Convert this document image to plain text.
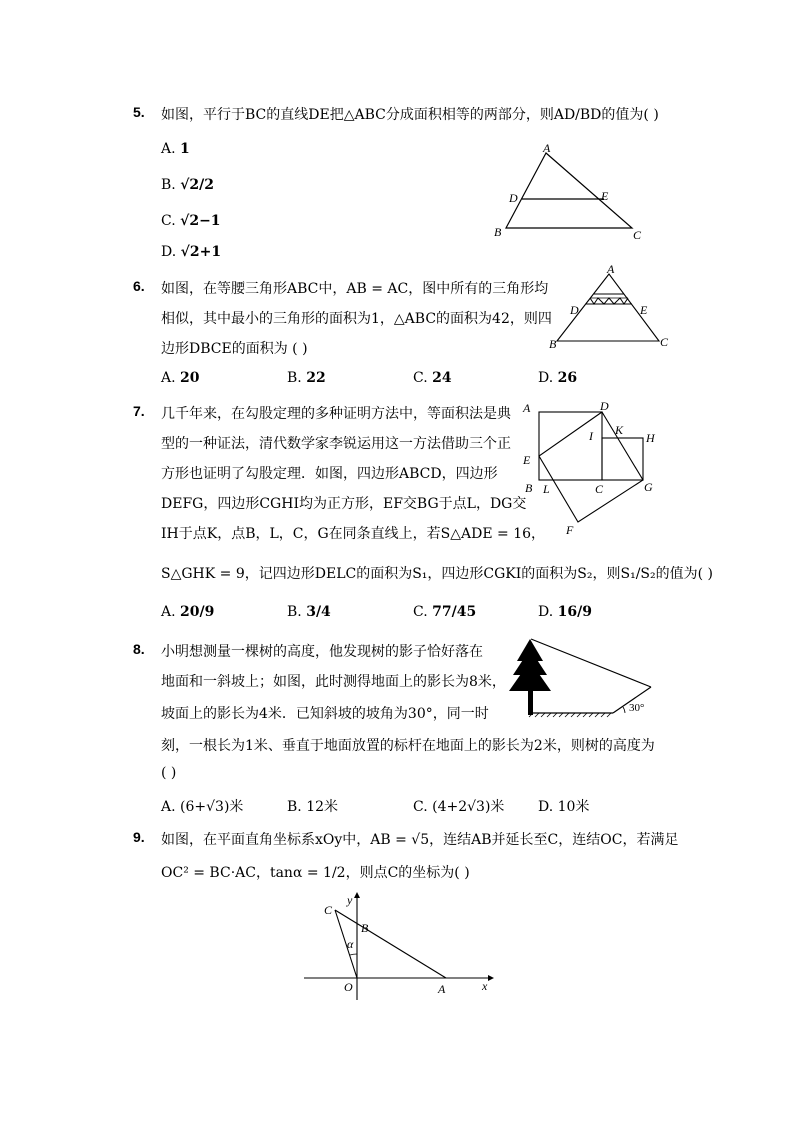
5. 如图，平行于BC的直线DE把△ABC分成面积相等的两部分，则AD/BD的值为( )
A. 1
B. √2/2
C. √2−1
D. √2+1
A
B	C
D	E
6. 如图，在等腰三角形ABC中，AB = AC，图中所有的三角形均
相似，其中最小的三角形的面积为1，△ABC的面积为42，则四
边形DBCE的面积为 ( )
A. 20	B. 22	C. 24	D. 26
A
B	C
D	E
7. 几千年来，在勾股定理的多种证明方法中，等面积法是典
型的一种证法，清代数学家李锐运用这一方法借助三个正
方形也证明了勾股定理．如图，四边形ABCD，四边形
DEFG，四边形CGHI均为正方形，EF交BG于点L，DG交
IH于点K，点B，L，C，G在同条直线上，若S△ADE = 16，
S△GHK = 9，记四边形DELC的面积为S₁，四边形CGKI的面积为S₂，则S₁/S₂的值为( )
A. 20/9	B. 3/4	C. 77/45	D. 16/9
A	D
I K
H
E
B L	C	G
F
8. 小明想测量一棵树的高度，他发现树的影子恰好落在
地面和一斜坡上；如图，此时测得地面上的影长为8米，
坡面上的影长为4米．已知斜坡的坡角为30°，同一时
刻，一根长为1米、垂直于地面放置的标杆在地面上的影长为2米，则树的高度为
( )
A. (6+√3)米	B. 12米	C. (4+2√3)米 D. 10米
30°
9. 如图，在平面直角坐标系xOy中，AB = √5，连结AB并延长至C，连结OC，若满足
OC² = BC·AC，tanα = 1/2，则点C的坐标为( )
C
y
B
α
O	A	x
